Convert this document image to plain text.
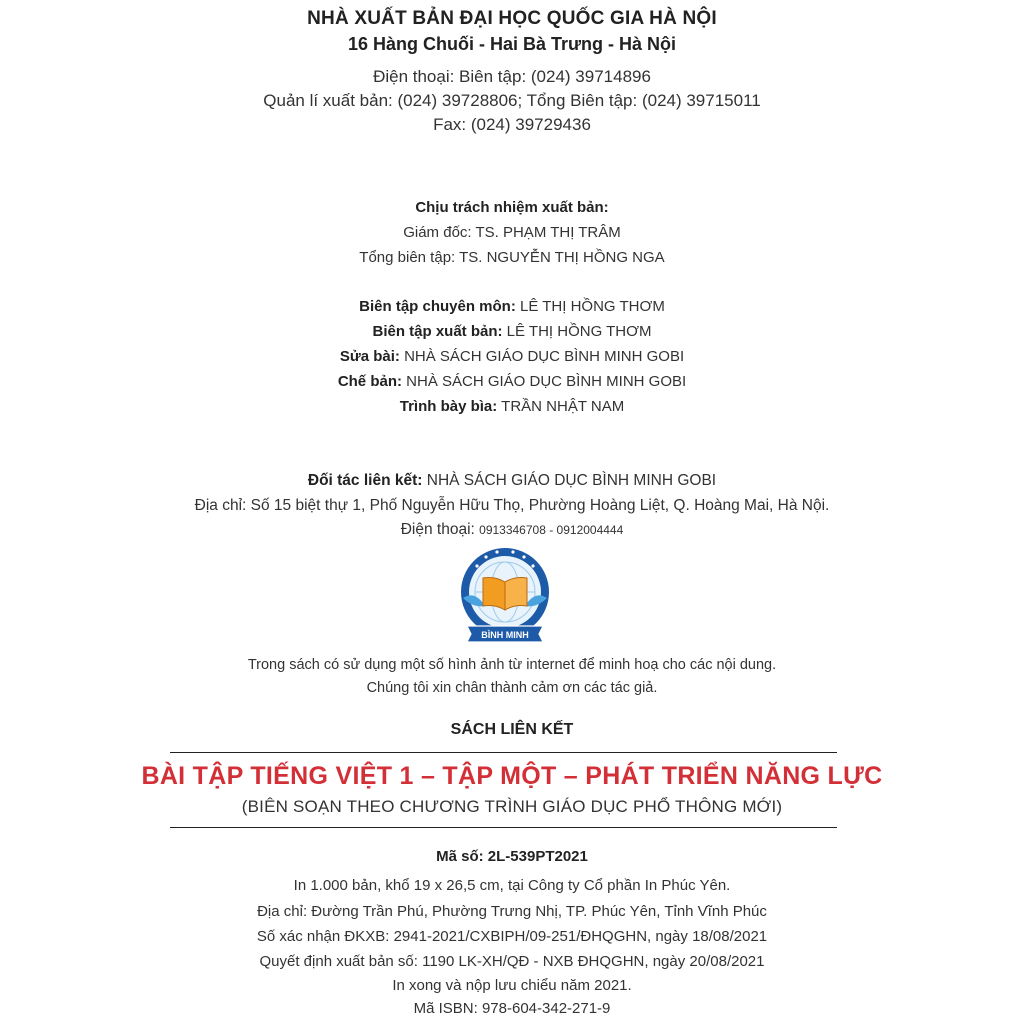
NHÀ XUẤT BẢN ĐẠI HỌC QUỐC GIA HÀ NỘI
16 Hàng Chuối - Hai Bà Trưng - Hà Nội
Điện thoại: Biên tập: (024) 39714896
Quản lí xuất bản: (024) 39728806; Tổng Biên tập: (024) 39715011
Fax: (024) 39729436
Chịu trách nhiệm xuất bản:
Giám đốc: TS. PHẠM THỊ TRÂM
Tổng biên tập: TS. NGUYỄN THỊ HỒNG NGA
Biên tập chuyên môn: LÊ THỊ HỒNG THƠM
Biên tập xuất bản: LÊ THỊ HỒNG THƠM
Sửa bài: NHÀ SÁCH GIÁO DỤC BÌNH MINH GOBI
Chế bản: NHÀ SÁCH GIÁO DỤC BÌNH MINH GOBI
Trình bày bìa: TRẦN NHẬT NAM
Đối tác liên kết: NHÀ SÁCH GIÁO DỤC BÌNH MINH GOBI
Địa chỉ: Số 15 biệt thự 1, Phố Nguyễn Hữu Thọ, Phường Hoàng Liệt, Q. Hoàng Mai, Hà Nội.
Điện thoại: 0913346708 - 0912004444
BÌNH MINH
Trong sách có sử dụng một số hình ảnh từ internet để minh hoạ cho các nội dung.
Chúng tôi xin chân thành cảm ơn các tác giả.
SÁCH LIÊN KẾT
BÀI TẬP TIẾNG VIỆT 1 – TẬP MỘT – PHÁT TRIỂN NĂNG LỰC
(BIÊN SOẠN THEO CHƯƠNG TRÌNH GIÁO DỤC PHỔ THÔNG MỚI)
Mã số: 2L-539PT2021
In 1.000 bản, khổ 19 x 26,5 cm, tại Công ty Cổ phần In Phúc Yên.
Địa chỉ: Đường Trần Phú, Phường Trưng Nhị, TP. Phúc Yên, Tỉnh Vĩnh Phúc
Số xác nhận ĐKXB: 2941-2021/CXBIPH/09-251/ĐHQGHN, ngày 18/08/2021
Quyết định xuất bản số: 1190 LK-XH/QĐ - NXB ĐHQGHN, ngày 20/08/2021
In xong và nộp lưu chiểu năm 2021.
Mã ISBN: 978-604-342-271-9
